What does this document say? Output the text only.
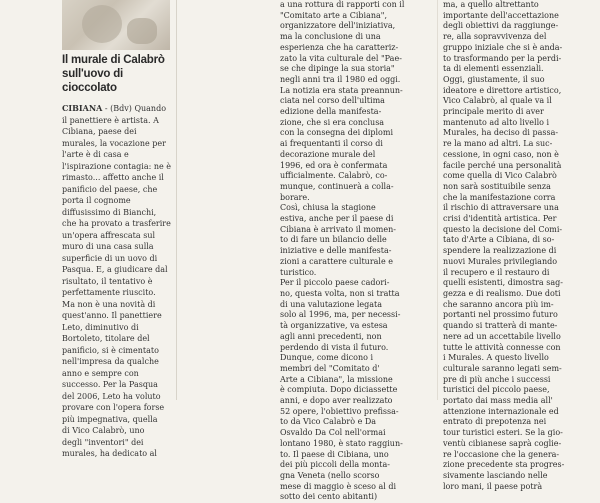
Il murale di Calabrò sull'uovo di cioccolato
CIBIANA - (Bdv) Quando
il panettiere è artista. A
Cibiana, paese dei
murales, la vocazione per
l'arte è di casa e
l'ispirazione contagia: ne è
rimasto... affetto anche il
panificio del paese, che
porta il cognome
diffusissimo di Bianchi,
che ha provato a trasferire
un'opera affrescata sul
muro di una casa sulla
superficie di un uovo di
Pasqua. E, a giudicare dal
risultato, il tentativo è
perfettamente riuscito.
Ma non è una novità di
quest'anno. Il panettiere
Leto, diminutivo di
Bortoleto, titolare del
panificio, si è cimentato
nell'impresa da qualche
anno e sempre con
successo. Per la Pasqua
del 2006, Leto ha voluto
provare con l'opera forse
più impegnativa, quella
di Vico Calabrò, uno
degli "inventori" dei
murales, ha dedicato al
a una rottura di rapporti con il
"Comitato arte a Cibiana",
organizzatore dell'iniziativa,
ma la conclusione di una
esperienza che ha caratteriz-
zato la vita culturale del "Pae-
se che dipinge la sua storia"
negli anni tra il 1980 ed oggi.
La notizia era stata preannun-
ciata nel corso dell'ultima
edizione della manifesta-
zione, che si era conclusa
con la consegna dei diplomi
ai frequentanti il corso di
decorazione murale del
1996, ed ora è confermata
ufficialmente. Calabrò, co-
munque, continuerà a colla-
borare.
Così, chiusa la stagione
estiva, anche per il paese di
Cibiana è arrivato il momen-
to di fare un bilancio delle
iniziative e delle manifesta-
zioni a carattere culturale e
turistico.
Per il piccolo paese cadori-
no, questa volta, non si tratta
di una valutazione legata
solo al 1996, ma, per necessi-
tà organizzative, va estesa
agli anni precedenti, non
perdendo di vista il futuro.
Dunque, come dicono i
membri del "Comitato d'
Arte a Cibiana", la missione
è compiuta. Dopo diciassette
anni, e dopo aver realizzato
52 opere, l'obiettivo prefissa-
to da Vico Calabrò e Da
Osvaldo Da Col nell'ormai
lontano 1980, è stato raggiun-
to. Il paese di Cibiana, uno
dei più piccoli della monta-
gna Veneta (nello scorso
mese di maggio è sceso al di
sotto dei cento abitanti)
ma, a quello altrettanto
importante dell'accettazione
degli obiettivi da raggiunge-
re, alla sopravvivenza del
gruppo iniziale che si è anda-
to trasformando per la perdi-
ta di elementi essenziali.
Oggi, giustamente, il suo
ideatore e direttore artistico,
Vico Calabrò, al quale va il
principale merito di aver
mantenuto ad alto livello i
Murales, ha deciso di passa-
re la mano ad altri. La suc-
cessione, in ogni caso, non è
facile perché una personalità
come quella di Vico Calabrò
non sarà sostituibile senza
che la manifestazione corra
il rischio di attraversare una
crisi d'identità artistica. Per
questo la decisione del Comi-
tato d'Arte a Cibiana, di so-
spendere la realizzazione di
nuovi Murales privilegiando
il recupero e il restauro di
quelli esistenti, dimostra sag-
gezza e di realismo. Due doti
che saranno ancora più im-
portanti nel prossimo futuro
quando si tratterà di mante-
nere ad un accettabile livello
tutte le attività connesse con
i Murales. A questo livello
culturale saranno legati sem-
pre di più anche i successi
turistici del piccolo paese,
portato dai mass media all'
attenzione internazionale ed
entrato di prepotenza nei
tour turistici esteri. Se la gio-
ventù cibianese saprà coglie-
re l'occasione che la genera-
zione precedente sta progres-
sivamente lasciando nelle
loro mani, il paese potrà
